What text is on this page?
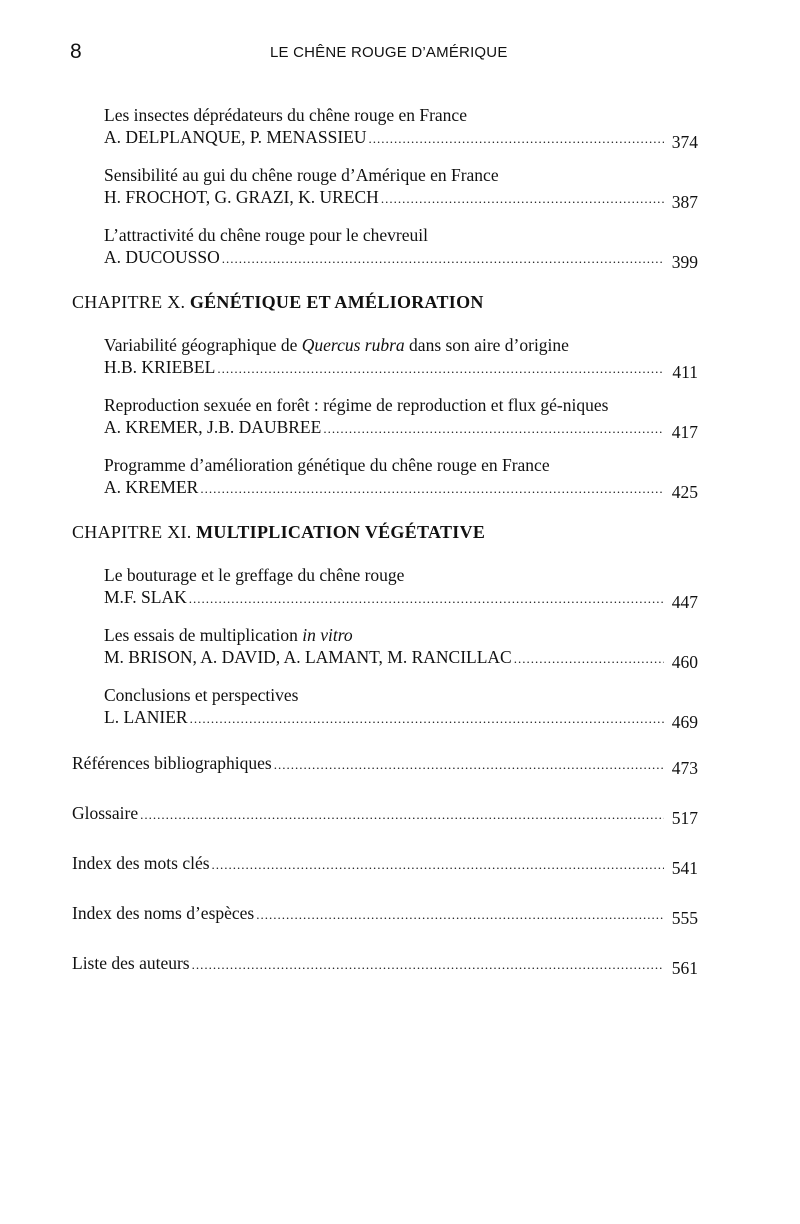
8	LE CHÊNE ROUGE D’AMÉRIQUE
Les insectes déprédateurs du chêne rouge en France
A. DELPLANQUE, P. MENASSIEU .....	374
Sensibilité au gui du chêne rouge d’Amérique en France
H. FROCHOT, G. GRAZI, K. URECH .....	387
L’attractivité du chêne rouge pour le chevreuil
A. DUCOUSSO .....	399
CHAPITRE X. GÉNÉTIQUE ET AMÉLIORATION
Variabilité géographique de Quercus rubra dans son aire d’origine
H.B. KRIEBEL .....	411
Reproduction sexuée en forêt : régime de reproduction et flux gé-niques
A. KREMER, J.B. DAUBREE .....	417
Programme d’amélioration génétique du chêne rouge en France
A. KREMER .....	425
CHAPITRE XI. MULTIPLICATION VÉGÉTATIVE
Le bouturage et le greffage du chêne rouge
M.F. SLAK .....	447
Les essais de multiplication in vitro
M. BRISON, A. DAVID, A. LAMANT, M. RANCILLAC .....	460
Conclusions et perspectives
L. LANIER .....	469
Références bibliographiques .....	473
Glossaire .....	517
Index des mots clés .....	541
Index des noms d’espèces .....	555
Liste des auteurs .....	561
